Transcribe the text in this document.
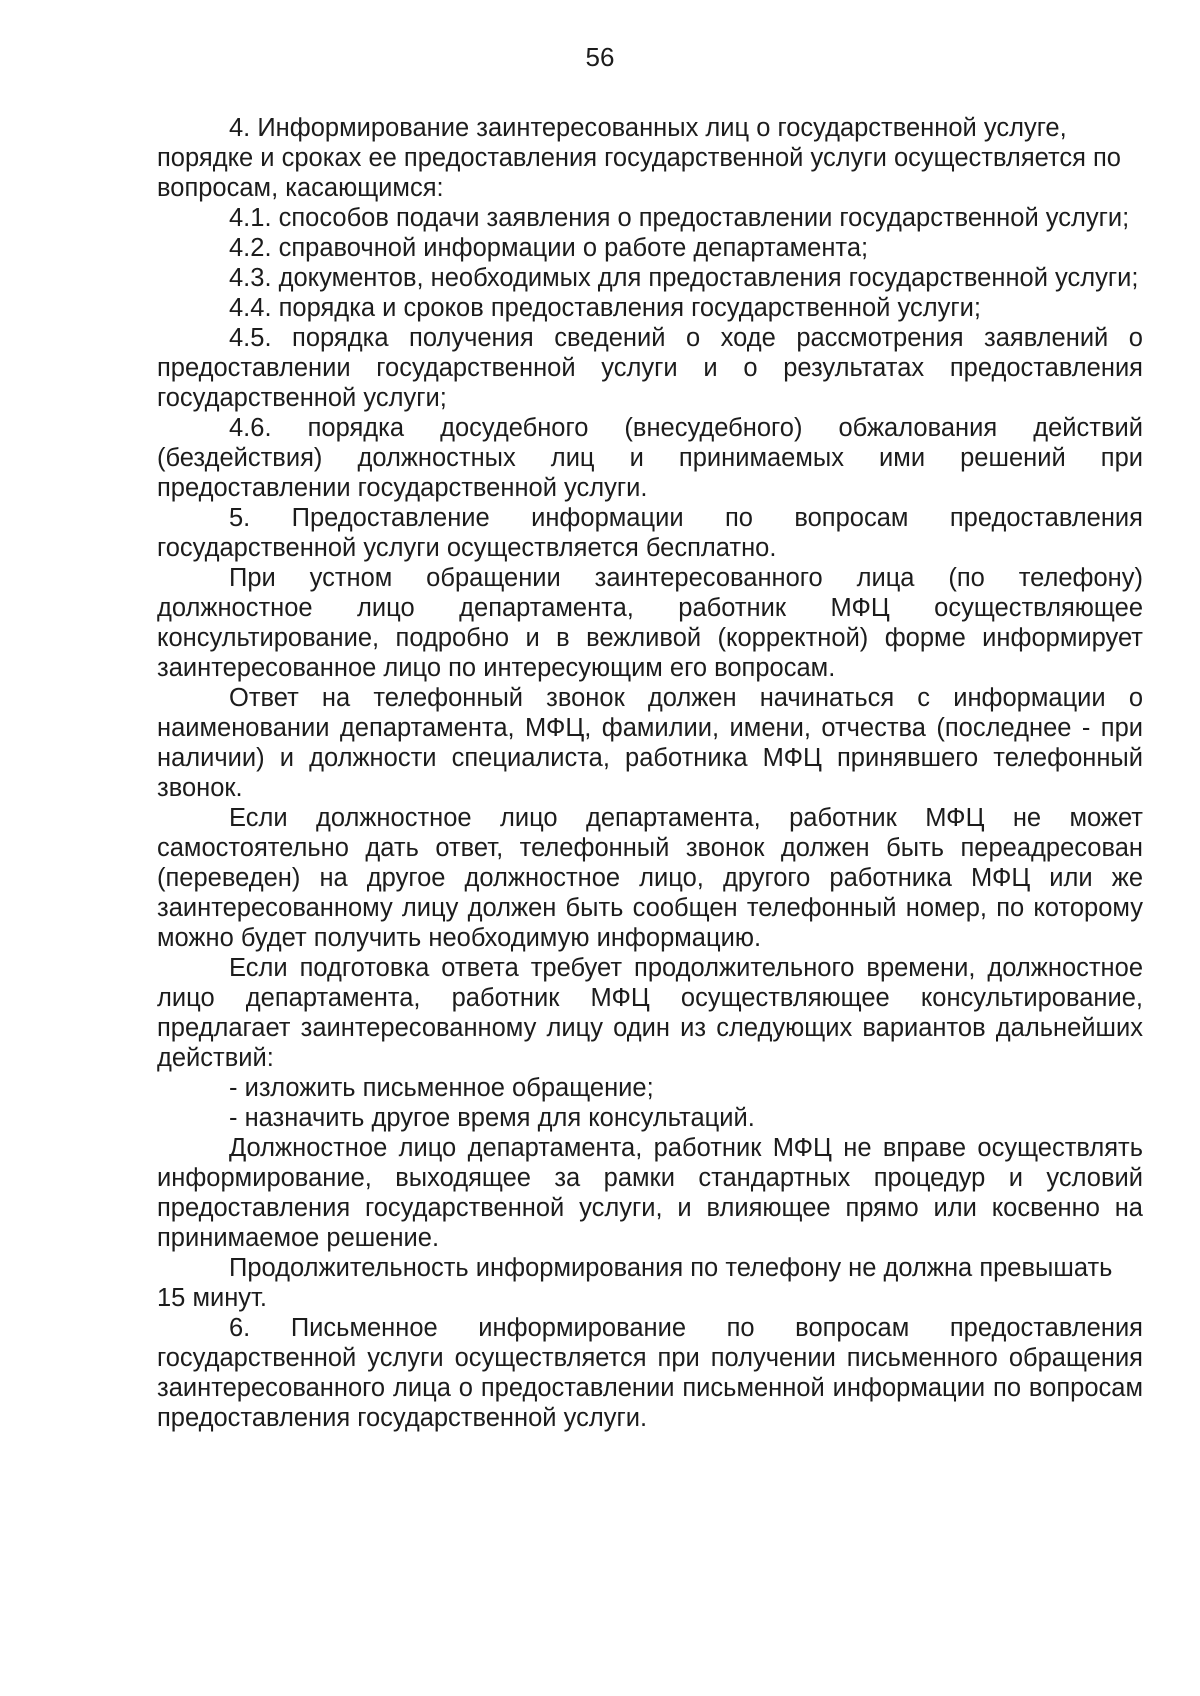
56

4. Информирование заинтересованных лиц о государственной услуге, порядке и сроках ее предоставления государственной услуги осуществляется по вопросам, касающимся:

4.1. способов подачи заявления о предоставлении государственной услуги;

4.2. справочной информации о работе департамента;

4.3. документов, необходимых для предоставления государственной услуги;

4.4. порядка и сроков предоставления государственной услуги;

4.5. порядка получения сведений о ходе рассмотрения заявлений о предоставлении государственной услуги и о результатах предоставления государственной услуги;

4.6. порядка досудебного (внесудебного) обжалования действий (бездействия) должностных лиц и принимаемых ими решений при предоставлении государственной услуги.

5. Предоставление информации по вопросам предоставления государственной услуги осуществляется бесплатно.

При устном обращении заинтересованного лица (по телефону) должностное лицо департамента, работник МФЦ осуществляющее консультирование, подробно и в вежливой (корректной) форме информирует заинтересованное лицо по интересующим его вопросам.

Ответ на телефонный звонок должен начинаться с информации о наименовании департамента, МФЦ, фамилии, имени, отчества (последнее - при наличии) и должности специалиста, работника МФЦ принявшего телефонный звонок.

Если должностное лицо департамента, работник МФЦ не может самостоятельно дать ответ, телефонный звонок должен быть переадресован (переведен) на другое должностное лицо, другого работника МФЦ или же заинтересованному лицу должен быть сообщен телефонный номер, по которому можно будет получить необходимую информацию.

Если подготовка ответа требует продолжительного времени, должностное лицо департамента, работник МФЦ осуществляющее консультирование, предлагает заинтересованному лицу один из следующих вариантов дальнейших действий:

- изложить письменное обращение;

- назначить другое время для консультаций.

Должностное лицо департамента, работник МФЦ не вправе осуществлять информирование, выходящее за рамки стандартных процедур и условий предоставления государственной услуги, и влияющее прямо или косвенно на принимаемое решение.

Продолжительность информирования по телефону не должна превышать 15 минут.

6. Письменное информирование по вопросам предоставления государственной услуги осуществляется при получении письменного обращения заинтересованного лица о предоставлении письменной информации по вопросам предоставления государственной услуги.
